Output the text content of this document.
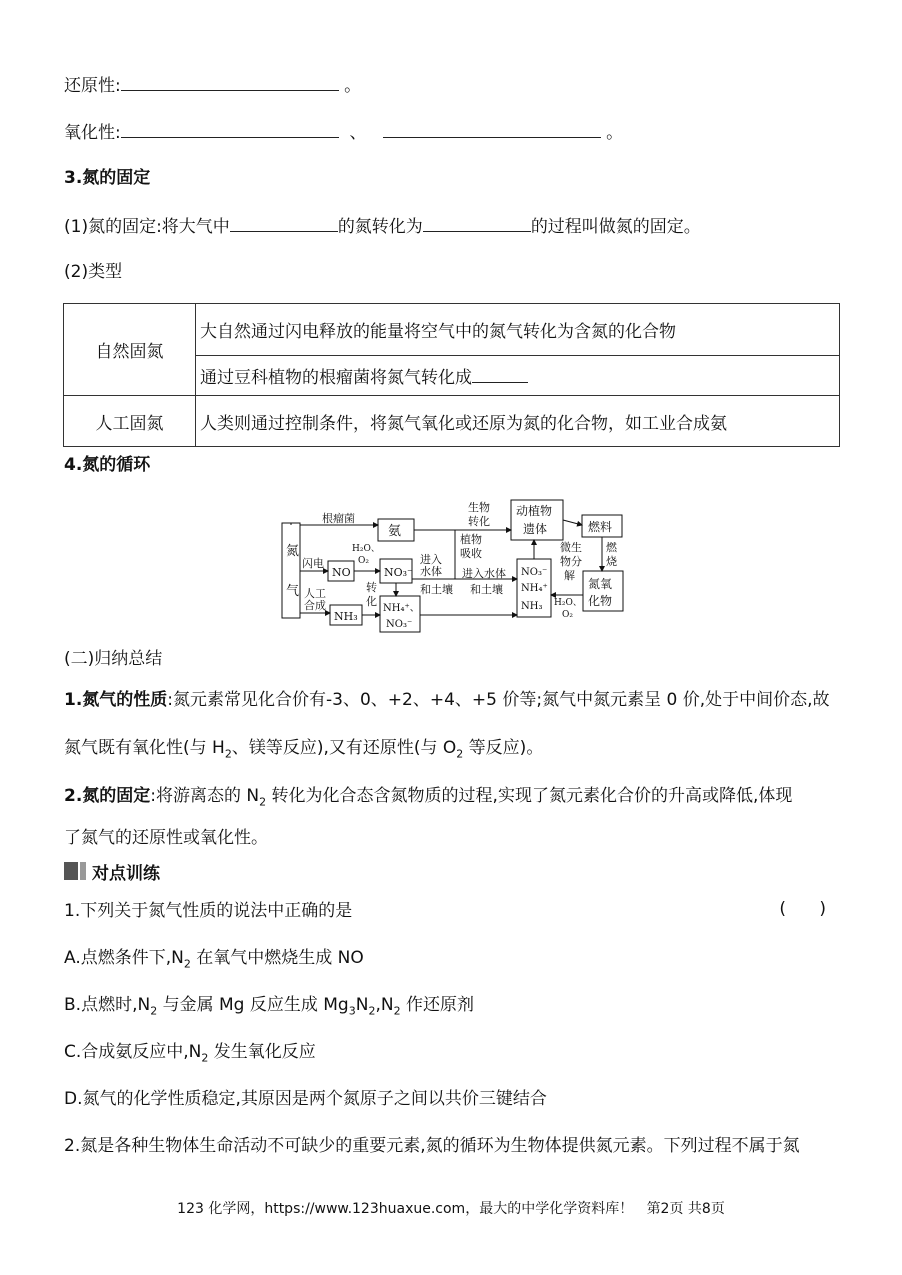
还原性:	。
氧化性:	、	。
3.氮的固定
(1)氮的固定:将大气中	的氮转化为	的过程叫做氮的固定。
(2)类型
自然固氮	大自然通过闪电释放的能量将空气中的氮气转化为含氮的化合物
	通过豆科植物的根瘤菌将氮气转化成
人工固氮	人类则通过控制条件，将氮气氧化或还原为氮的化合物，如工业合成氨
4.氮的循环
氮
气
根瘤菌
氨
生物
转化
动植物
遗体	燃料
闪电
NO
H₂O、
O₂
NO₃⁻
进入
水体
和土壤
植物
吸收
进入水体
和土壤
微生
物分
解
燃
烧
氮氧
化物
人工
合成
NH₃
转
化
NH₄⁺、
NO₃⁻
NO₃⁻
NH₄⁺
NH₃ H₂O、
O₂
(二)归纳总结
1.氮气的性质:氮元素常见化合价有-3、0、+2、+4、+5 价等;氮气中氮元素呈 0 价,处于中间价态,故
氮气既有氧化性(与 $H_2$、镁等反应),又有还原性(与 $O_2$ 等反应)。
2.氮的固定:将游离态的 $N_2$ 转化为化合态含氮物质的过程,实现了氮元素化合价的升高或降低,体现
了氮气的还原性或氧化性。
对点训练
1.下列关于氮气性质的说法中正确的是	( )
A.点燃条件下$,N_2$ 在氧气中燃烧生成 NO
B.点燃时$,N_2$ 与金属 Mg 反应生成 $Mg_3N_2,N_2$ 作还原剂
C.合成氨反应中$,N_2$ 发生氧化反应
D.氮气的化学性质稳定,其原因是两个氮原子之间以共价三键结合
2.氮是各种生物体生命活动不可缺少的重要元素,氮的循环为生物体提供氮元素。下列过程不属于氮
123 化学网，https://www.123huaxue.com，最大的中学化学资料库！ 第2页 共8页
